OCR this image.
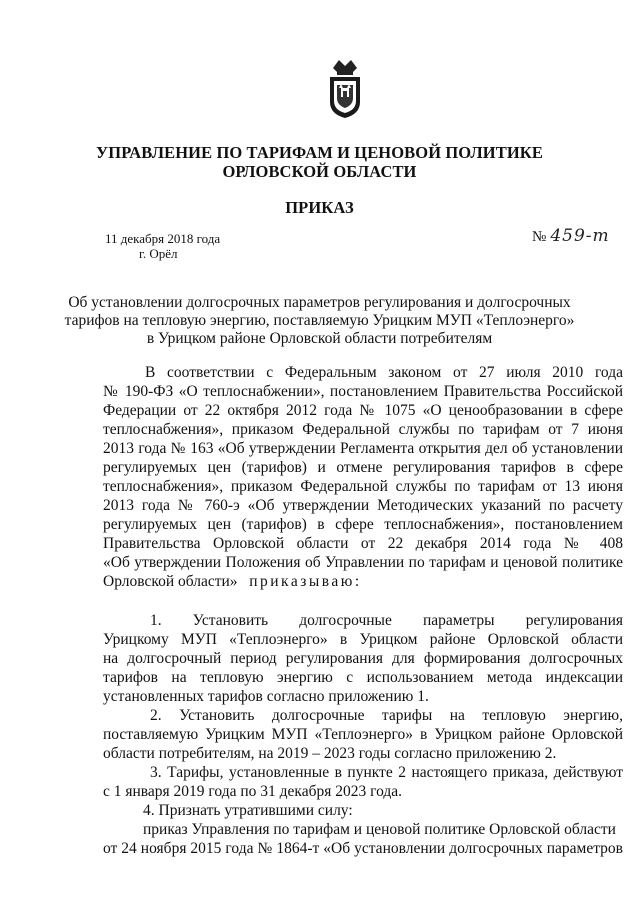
УПРАВЛЕНИЕ ПО ТАРИФАМ И ЦЕНОВОЙ ПОЛИТИКЕ
ОРЛОВСКОЙ ОБЛАСТИ
ПРИКАЗ
11 декабря 2018 года
г. Орёл
№ 459-т
Об установлении долгосрочных параметров регулирования и долгосрочных
тарифов на тепловую энергию, поставляемую Урицким МУП «Теплоэнерго»
в Урицком районе Орловской области потребителям
В соответствии с Федеральным законом от 27 июля 2010 года
№ 190-ФЗ «О теплоснабжении», постановлением Правительства Российской
Федерации от 22 октября 2012 года № 1075 «О ценообразовании в сфере
теплоснабжения», приказом Федеральной службы по тарифам от 7 июня
2013 года № 163 «Об утверждении Регламента открытия дел об установлении
регулируемых цен (тарифов) и отмене регулирования тарифов в сфере
теплоснабжения», приказом Федеральной службы по тарифам от 13 июня
2013 года № 760-э «Об утверждении Методических указаний по расчету
регулируемых цен (тарифов) в сфере теплоснабжения», постановлением
Правительства Орловской области от 22 декабря 2014 года № 408
«Об утверждении Положения об Управлении по тарифам и ценовой политике
Орловской области» приказываю:
1. Установить долгосрочные параметры регулирования
Урицкому МУП «Теплоэнерго» в Урицком районе Орловской области
на долгосрочный период регулирования для формирования долгосрочных
тарифов на тепловую энергию с использованием метода индексации
установленных тарифов согласно приложению 1.
2. Установить долгосрочные тарифы на тепловую энергию,
поставляемую Урицким МУП «Теплоэнерго» в Урицком районе Орловской
области потребителям, на 2019 – 2023 годы согласно приложению 2.
3. Тарифы, установленные в пункте 2 настоящего приказа, действуют
с 1 января 2019 года по 31 декабря 2023 года.
4. Признать утратившими силу:
приказ Управления по тарифам и ценовой политике Орловской области
от 24 ноября 2015 года № 1864-т «Об установлении долгосрочных параметров
